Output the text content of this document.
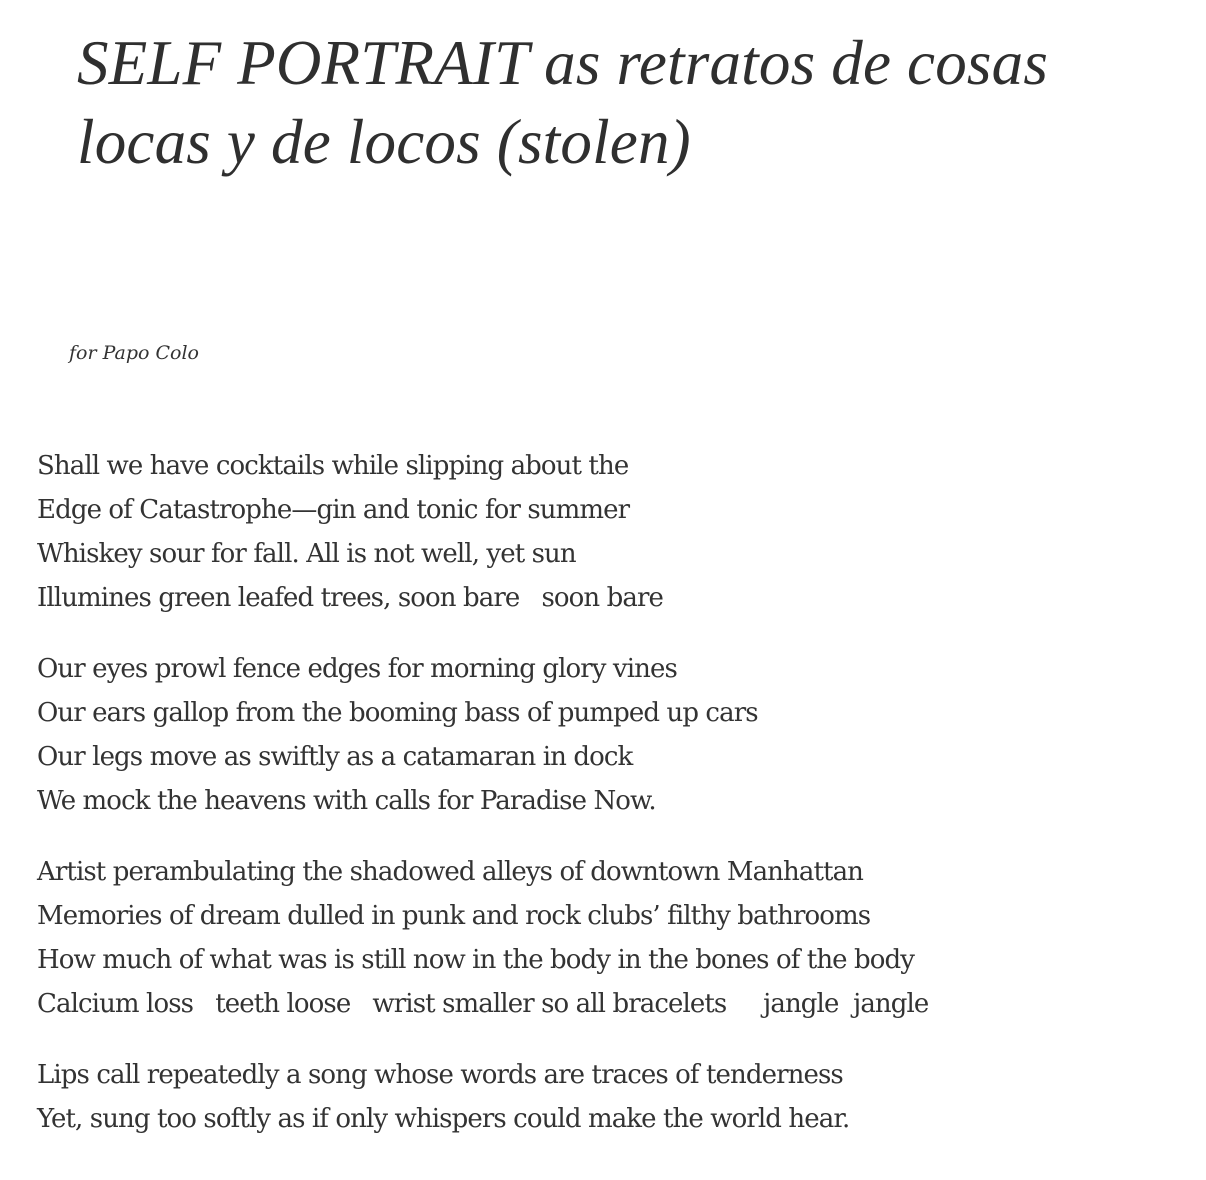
SELF PORTRAIT as retratos de cosas locas y de locos (stolen)
for Papo Colo
Shall we have cocktails while slipping about the
Edge of Catastrophe—gin and tonic for summer
Whiskey sour for fall. All is not well, yet sun
Illumines green leafed trees, soon bare   soon bare
Our eyes prowl fence edges for morning glory vines
Our ears gallop from the booming bass of pumped up cars
Our legs move as swiftly as a catamaran in dock
We mock the heavens with calls for Paradise Now.
Artist perambulating the shadowed alleys of downtown Manhattan
Memories of dream dulled in punk and rock clubs’ filthy bathrooms
How much of what was is still now in the body in the bones of the body
Calcium loss   teeth loose   wrist smaller so all bracelets     jangle  jangle
Lips call repeatedly a song whose words are traces of tenderness
Yet, sung too softly as if only whispers could make the world hear.
